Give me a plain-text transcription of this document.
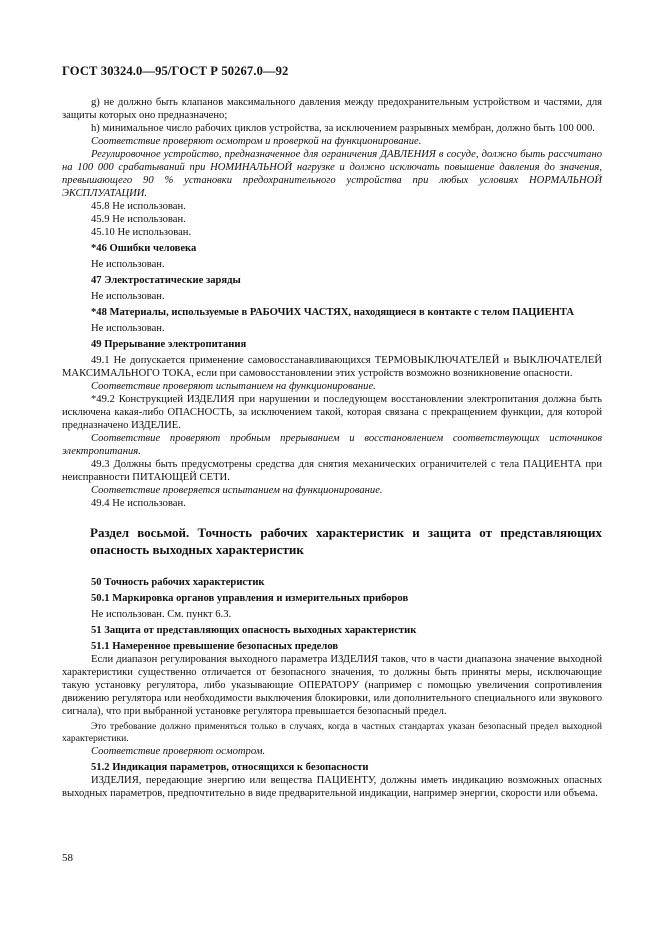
ГОСТ 30324.0—95/ГОСТ Р 50267.0—92

g) не должно быть клапанов максимального давления между предохранительным устройством и частями, для защиты которых оно предназначено;

h) минимальное число рабочих циклов устройства, за исключением разрывных мембран, должно быть 100 000.

Соответствие проверяют осмотром и проверкой на функционирование.

Регулировочное устройство, предназначенное для ограничения ДАВЛЕНИЯ в сосуде, должно быть рассчитано на 100 000 срабатываний при НОМИНАЛЬНОЙ нагрузке и должно исключать повышение давления до значения, превышающего 90 % установки предохранительного устройства при любых условиях НОРМАЛЬНОЙ ЭКСПЛУАТАЦИИ.

45.8 Не использован.

45.9 Не использован.

45.10 Не использован.

*46 Ошибки человека

Не использован.

47 Электростатические заряды

Не использован.

*48 Материалы, используемые в РАБОЧИХ ЧАСТЯХ, находящиеся в контакте с телом ПАЦИЕНТА

Не использован.

49 Прерывание электропитания

49.1 Не допускается применение самовосстанавливающихся ТЕРМОВЫКЛЮЧАТЕЛЕЙ и ВЫКЛЮЧАТЕЛЕЙ МАКСИМАЛЬНОГО ТОКА, если при самовосстановлении этих устройств возможно возникновение опасности.

Соответствие проверяют испытанием на функционирование.

*49.2 Конструкцией ИЗДЕЛИЯ при нарушении и последующем восстановлении электропитания должна быть исключена какая-либо ОПАСНОСТЬ, за исключением такой, которая связана с прекращением функции, для которой предназначено ИЗДЕЛИЕ.

Соответствие проверяют пробным прерыванием и восстановлением соответствующих источников электропитания.

49.3 Должны быть предусмотрены средства для снятия механических ограничителей с тела ПАЦИЕНТА при неисправности ПИТАЮЩЕЙ СЕТИ.

Соответствие проверяется испытанием на функционирование.

49.4 Не использован.

Раздел восьмой. Точность рабочих характеристик и защита от представляющих опасность выходных характеристик

50 Точность рабочих характеристик

50.1 Маркировка органов управления и измерительных приборов

Не использован. См. пункт 6.3.

51 Защита от представляющих опасность выходных характеристик

51.1 Намеренное превышение безопасных пределов

Если диапазон регулирования выходного параметра ИЗДЕЛИЯ таков, что в части диапазона значение выходной характеристики существенно отличается от безопасного значения, то должны быть приняты меры, исключающие такую установку регулятора, либо указывающие ОПЕРАТОРУ (например с помощью увеличения сопротивления движению регулятора или необходимости выключения блокировки, или дополнительного специального или звукового сигнала), что при выбранной установке регулятора превышается безопасный предел.

Это требование должно применяться только в случаях, когда в частных стандартах указан безопасный предел выходной характеристики.

Соответствие проверяют осмотром.

51.2 Индикация параметров, относящихся к безопасности

ИЗДЕЛИЯ, передающие энергию или вещества ПАЦИЕНТУ, должны иметь индикацию возможных опасных выходных параметров, предпочтительно в виде предварительной индикации, например энергии, скорости или объема.

58
